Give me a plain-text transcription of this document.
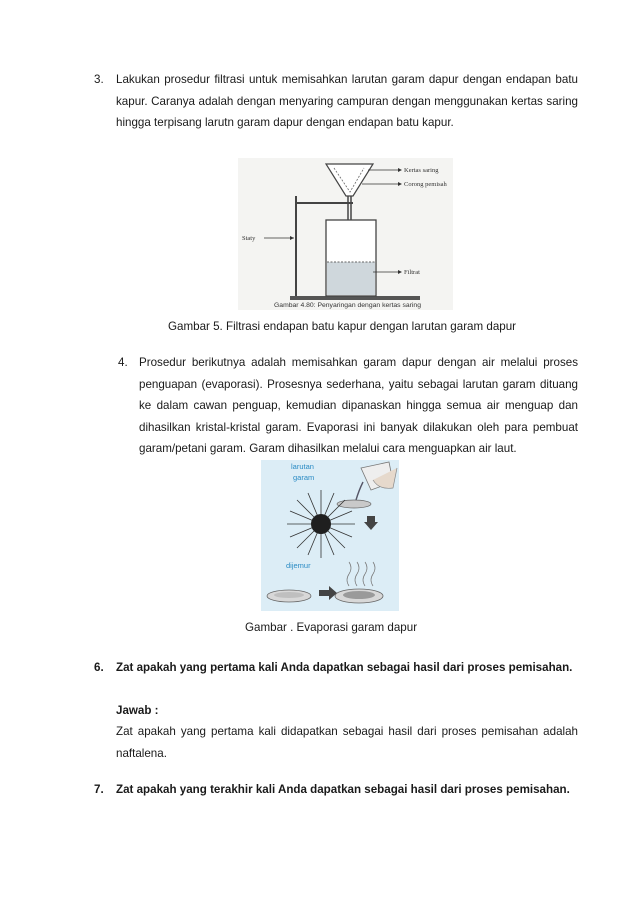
3. Lakukan prosedur filtrasi untuk memisahkan larutan garam dapur dengan endapan batu kapur. Caranya adalah dengan menyaring campuran dengan menggunakan kertas saring hingga terpisang larutn garam dapur dengan endapan batu kapur.
Kertas saring
Corong pemisah
Staty
Filtrat
Gambar 4.80: Penyaringan dengan kertas saring
Gambar 5. Filtrasi endapan batu kapur dengan larutan garam dapur
4. Prosedur berikutnya adalah memisahkan garam dapur dengan air melalui proses penguapan (evaporasi). Prosesnya sederhana, yaitu sebagai larutan garam dituang ke dalam cawan penguap, kemudian dipanaskan hingga semua air menguap dan dihasilkan kristal-kristal garam. Evaporasi ini banyak dilakukan oleh para pembuat garam/petani garam. Garam dihasilkan melalui cara menguapkan air laut.
larutan
garam
dijemur
Gambar . Evaporasi garam dapur
6. Zat apakah yang pertama kali Anda dapatkan sebagai hasil dari proses pemisahan.
Jawab :
Zat apakah yang pertama kali didapatkan sebagai hasil dari proses pemisahan adalah naftalena.
7. Zat apakah yang terakhir kali Anda dapatkan sebagai hasil dari proses pemisahan.
